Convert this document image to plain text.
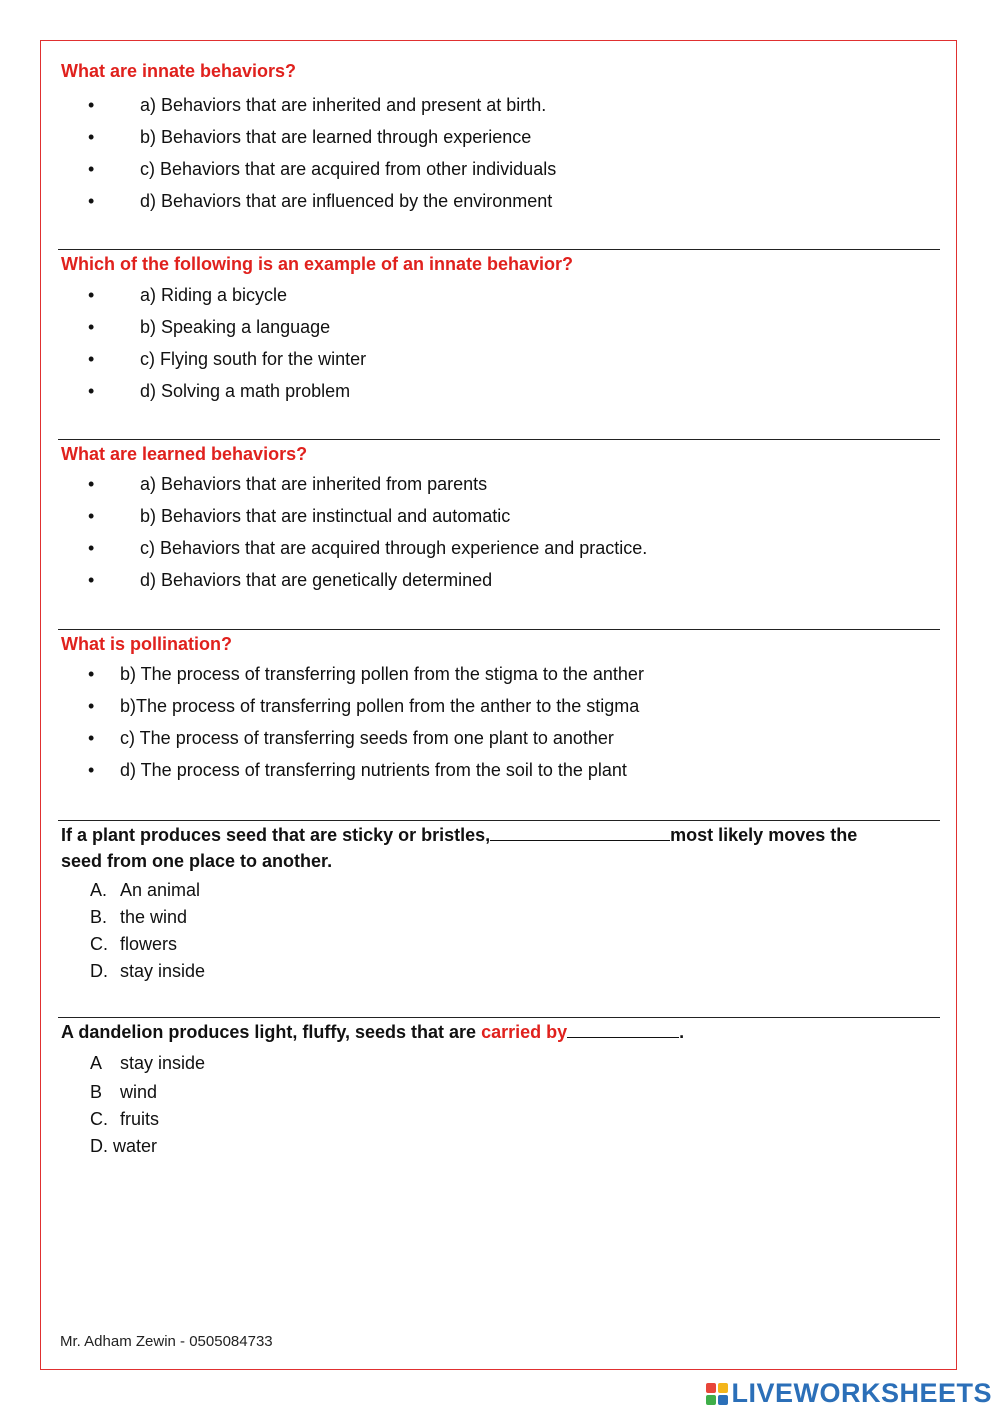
What are innate behaviors?
•	a) Behaviors that are inherited and present at birth.
•	b) Behaviors that are learned through experience
•	c) Behaviors that are acquired from other individuals
•	d) Behaviors that are influenced by the environment
Which of the following is an example of an innate behavior?
•	a) Riding a bicycle
•	b) Speaking a language
•	c) Flying south for the winter
•	d) Solving a math problem
What are learned behaviors?
•	a) Behaviors that are inherited from parents
•	b) Behaviors that are instinctual and automatic
•	c) Behaviors that are acquired through experience and practice.
•	d) Behaviors that are genetically determined
What is pollination?
• b) The process of transferring pollen from the stigma to the anther
• b)The process of transferring pollen from the anther to the stigma
• c) The process of transferring seeds from one plant to another
• d) The process of transferring nutrients from the soil to the plant
If a plant produces seed that are sticky or bristles,	most likely moves the
seed from one place to another.
A. An animal
B. the wind
C. flowers
D. stay inside
A dandelion produces light, fluffy, seeds that are carried by	.
A stay inside
B wind
C. fruits
D. water
Mr. Adham Zewin - 0505084733
LIVEWORKSHEETS
